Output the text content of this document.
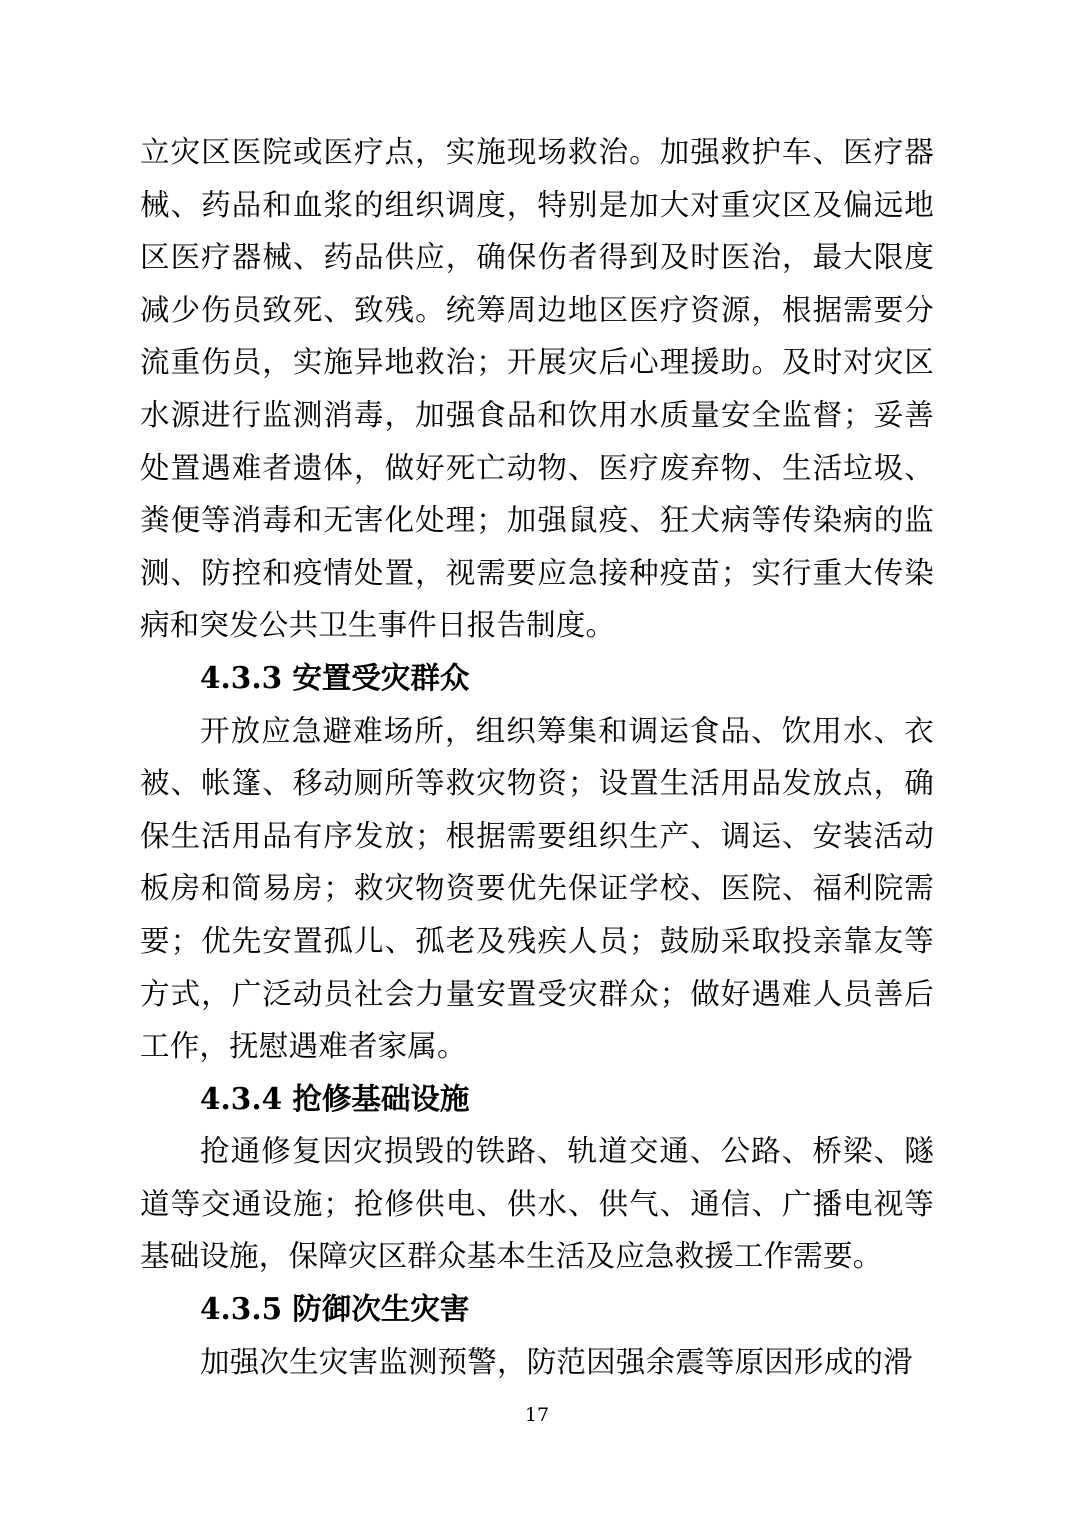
立灾区医院或医疗点，实施现场救治。加强救护车、医疗器械、药品和血浆的组织调度，特别是加大对重灾区及偏远地区医疗器械、药品供应，确保伤者得到及时医治，最大限度减少伤员致死、致残。统筹周边地区医疗资源，根据需要分流重伤员，实施异地救治；开展灾后心理援助。及时对灾区水源进行监测消毒，加强食品和饮用水质量安全监督；妥善处置遇难者遗体，做好死亡动物、医疗废弃物、生活垃圾、粪便等消毒和无害化处理；加强鼠疫、狂犬病等传染病的监测、防控和疫情处置，视需要应急接种疫苗；实行重大传染病和突发公共卫生事件日报告制度。

4.3.3 安置受灾群众

开放应急避难场所，组织筹集和调运食品、饮用水、衣被、帐篷、移动厕所等救灾物资；设置生活用品发放点，确保生活用品有序发放；根据需要组织生产、调运、安装活动板房和简易房；救灾物资要优先保证学校、医院、福利院需要；优先安置孤儿、孤老及残疾人员；鼓励采取投亲靠友等方式，广泛动员社会力量安置受灾群众；做好遇难人员善后工作，抚慰遇难者家属。

4.3.4 抢修基础设施

抢通修复因灾损毁的铁路、轨道交通、公路、桥梁、隧道等交通设施；抢修供电、供水、供气、通信、广播电视等基础设施，保障灾区群众基本生活及应急救援工作需要。

4.3.5 防御次生灾害

加强次生灾害监测预警，防范因强余震等原因形成的滑

17
